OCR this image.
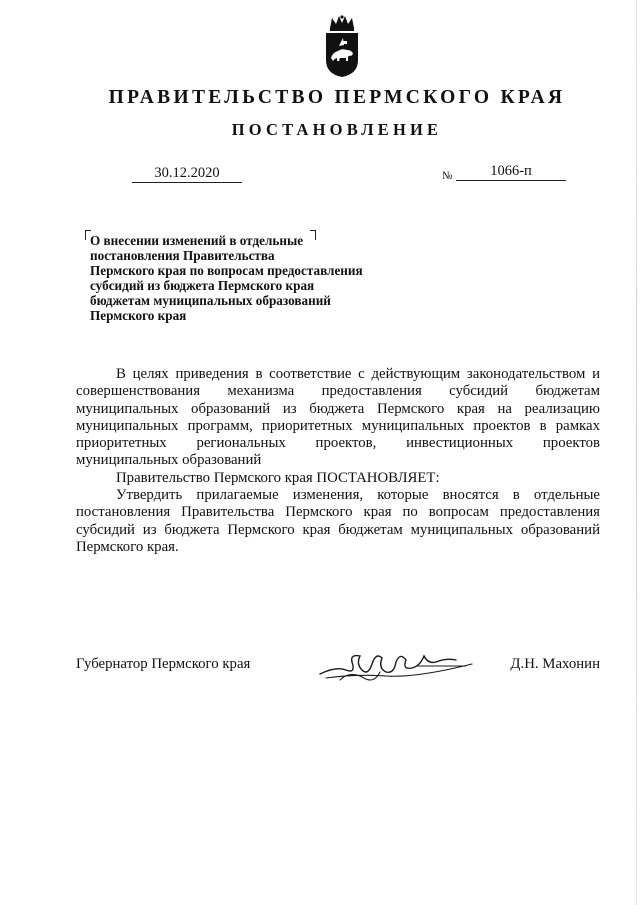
ПРАВИТЕЛЬСТВО ПЕРМСКОГО КРАЯ
ПОСТАНОВЛЕНИЕ
30.12.2020	№	1066-п
О внесении изменений в отдельные
постановления Правительства
Пермского края по вопросам предоставления
субсидий из бюджета Пермского края
бюджетам муниципальных образований
Пермского края

В целях приведения в соответствие с действующим законодательством и совершенствования механизма предоставления субсидий бюджетам муниципальных образований из бюджета Пермского края на реализацию муниципальных программ, приоритетных муниципальных проектов в рамках приоритетных региональных проектов, инвестиционных проектов муниципальных образований

Правительство Пермского края ПОСТАНОВЛЯЕТ:

Утвердить прилагаемые изменения, которые вносятся в отдельные постановления Правительства Пермского края по вопросам предоставления субсидий из бюджета Пермского края бюджетам муниципальных образований Пермского края.

Губернатор Пермского края	Д.Н. Махонин
